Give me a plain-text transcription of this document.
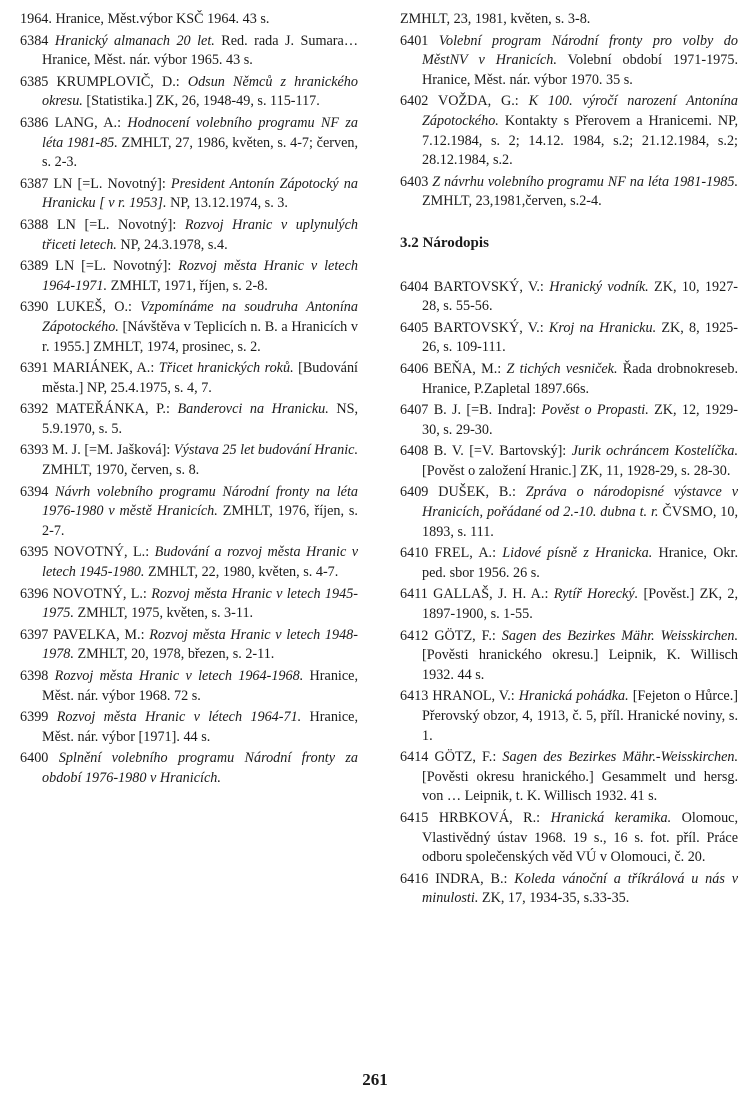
1964. Hranice, Měst.výbor KSČ 1964. 43 s.
6384 Hranický almanach 20 let. Red. rada J. Sumara… Hranice, Měst. nár. výbor 1965. 43 s.
6385 KRUMPLOVIČ, D.: Odsun Němců z hranického okresu. [Statistika.] ZK, 26, 1948-49, s. 115-117.
6386 LANG, A.: Hodnocení volebního programu NF za léta 1981-85. ZMHLT, 27, 1986, květen, s. 4-7; červen, s. 2-3.
6387 LN [=L. Novotný]: President Antonín Zápotocký na Hranicku [ v r. 1953]. NP, 13.12.1974, s. 3.
6388 LN [=L. Novotný]: Rozvoj Hranic v uplynulých třiceti letech. NP, 24.3.1978, s.4.
6389 LN [=L. Novotný]: Rozvoj města Hranic v letech 1964-1971. ZMHLT, 1971, říjen, s. 2-8.
6390 LUKEŠ, O.: Vzpomínáme na soudruha Antonína Zápotockého. [Návštěva v Teplicích n. B. a Hranicích v r. 1955.] ZMHLT, 1974, prosinec, s. 2.
6391 MARIÁNEK, A.: Třicet hranických roků. [Budování města.] NP, 25.4.1975, s. 4, 7.
6392 MATEŘÁNKA, P.: Banderovci na Hranicku. NS, 5.9.1970, s. 5.
6393 M. J. [=M. Jašková]: Výstava 25 let budování Hranic. ZMHLT, 1970, červen, s. 8.
6394 Návrh volebního programu Národní fronty na léta 1976-1980 v městě Hranicích. ZMHLT, 1976, říjen, s. 2-7.
6395 NOVOTNÝ, L.: Budování a rozvoj města Hranic v letech 1945-1980. ZMHLT, 22, 1980, květen, s. 4-7.
6396 NOVOTNÝ, L.: Rozvoj města Hranic v letech 1945-1975. ZMHLT, 1975, květen, s. 3-11.
6397 PAVELKA, M.: Rozvoj města Hranic v letech 1948-1978. ZMHLT, 20, 1978, březen, s. 2-11.
6398 Rozvoj města Hranic v letech 1964-1968. Hranice, Měst. nár. výbor 1968. 72 s.
6399 Rozvoj města Hranic v létech 1964-71. Hranice, Měst. nár. výbor [1971]. 44 s.
6400 Splnění volebního programu Národní fronty za období 1976-1980 v Hranicích.
ZMHLT, 23, 1981, květen, s. 3-8.
6401 Volební program Národní fronty pro volby do MěstNV v Hranicích. Volební období 1971-1975. Hranice, Měst. nár. výbor 1970. 35 s.
6402 VOŽDA, G.: K 100. výročí narození Antonína Zápotockého. Kontakty s Přerovem a Hranicemi. NP, 7.12.1984, s. 2; 14.12. 1984, s.2; 21.12.1984, s.2; 28.12.1984, s.2.
6403 Z návrhu volebního programu NF na léta 1981-1985. ZMHLT, 23,1981,červen, s.2-4.
3.2 Národopis
6404 BARTOVSKÝ, V.: Hranický vodník. ZK, 10, 1927-28, s. 55-56.
6405 BARTOVSKÝ, V.: Kroj na Hranicku. ZK, 8, 1925-26, s. 109-111.
6406 BEŇA, M.: Z tichých vesniček. Řada drobnokreseb. Hranice, P.Zapletal 1897.66s.
6407 B. J. [=B. Indra]: Pověst o Propasti. ZK, 12, 1929-30, s. 29-30.
6408 B. V. [=V. Bartovský]: Jurik ochráncem Kostelíčka. [Pověst o založení Hranic.] ZK, 11, 1928-29, s. 28-30.
6409 DUŠEK, B.: Zpráva o národopisné výstavce v Hranicích, pořádané od 2.-10. dubna t. r. ČVSMO, 10, 1893, s. 111.
6410 FREL, A.: Lidové písně z Hranicka. Hranice, Okr. ped. sbor 1956. 26 s.
6411 GALLAŠ, J. H. A.: Rytíř Horecký. [Pověst.] ZK, 2, 1897-1900, s. 1-55.
6412 GÖTZ, F.: Sagen des Bezirkes Mähr. Weisskirchen. [Pověsti hranického okresu.] Leipnik, K. Willisch 1932. 44 s.
6413 HRANOL, V.: Hranická pohádka. [Fejeton o Hůrce.] Přerovský obzor, 4, 1913, č. 5, příl. Hranické noviny, s. 1.
6414 GÖTZ, F.: Sagen des Bezirkes Mähr.-Weisskirchen. [Pověsti okresu hranického.] Gesammelt und hersg. von … Leipnik, t. K. Willisch 1932. 41 s.
6415 HRBKOVÁ, R.: Hranická keramika. Olomouc, Vlastivědný ústav 1968. 19 s., 16 s. fot. příl. Práce odboru společenských věd VÚ v Olomouci, č. 20.
6416 INDRA, B.: Koleda vánoční a tříkrálová u nás v minulosti. ZK, 17, 1934-35, s.33-35.
261
